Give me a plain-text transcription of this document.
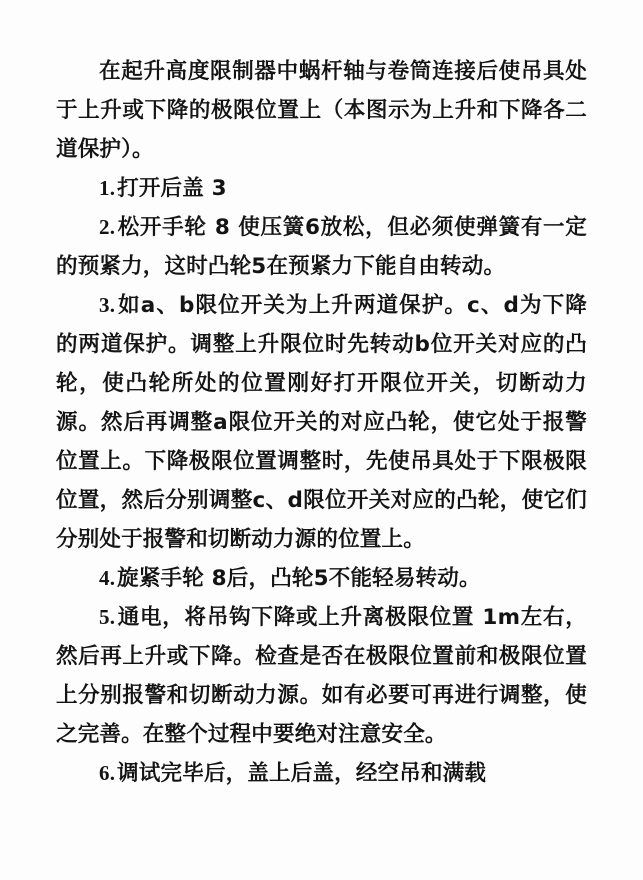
在起升高度限制器中蜗杆轴与卷筒连接后使吊具处于上升或下降的极限位置上（本图示为上升和下降各二道保护）。

1.打开后盖 3

2.松开手轮 8 使压簧6放松，但必须使弹簧有一定的预紧力，这时凸轮5在预紧力下能自由转动。

3.如a、b限位开关为上升两道保护。c、d为下降的两道保护。调整上升限位时先转动b位开关对应的凸轮，使凸轮所处的位置刚好打开限位开关，切断动力源。然后再调整a限位开关的对应凸轮，使它处于报警位置上。下降极限位置调整时，先使吊具处于下限极限位置，然后分别调整c、d限位开关对应的凸轮，使它们分别处于报警和切断动力源的位置上。

4.旋紧手轮 8后，凸轮5不能轻易转动。

5.通电，将吊钩下降或上升离极限位置 1m左右，然后再上升或下降。检查是否在极限位置前和极限位置上分别报警和切断动力源。如有必要可再进行调整，使之完善。在整个过程中要绝对注意安全。

6.调试完毕后，盖上后盖，经空吊和满载
